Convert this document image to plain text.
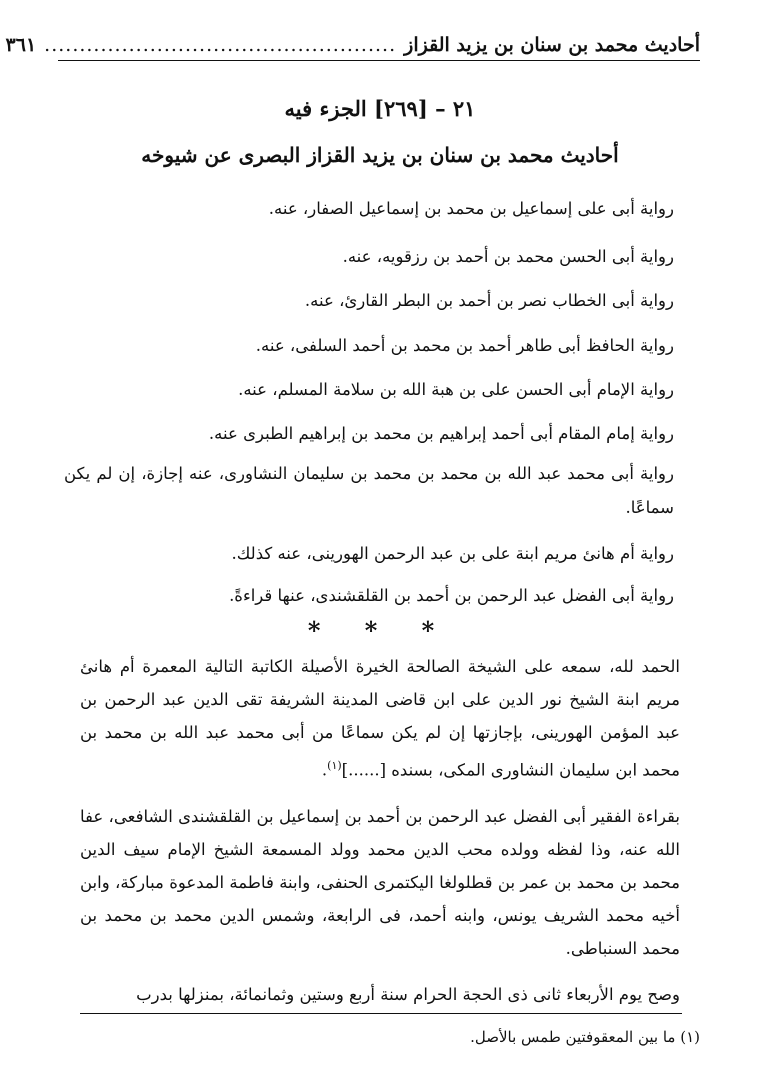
أحاديث محمد بن سنان بن يزيد القزاز
..................................................
٣٦١
٢١ – [٢٦٩] الجزء فيه
أحاديث محمد بن سنان بن يزيد القزاز البصرى عن شيوخه
رواية أبى على إسماعيل بن محمد بن إسماعيل الصفار، عنه.
رواية أبى الحسن محمد بن أحمد بن رزقويه، عنه.
رواية أبى الخطاب نصر بن أحمد بن البطر القارئ، عنه.
رواية الحافظ أبى طاهر أحمد بن محمد بن أحمد السلفى، عنه.
رواية الإمام أبى الحسن على بن هبة الله بن سلامة المسلم، عنه.
رواية إمام المقام أبى أحمد إبراهيم بن محمد بن إبراهيم الطبرى عنه.
رواية أبى محمد عبد الله بن محمد بن محمد بن سليمان النشاورى، عنه إجازة، إن لم يكن سماعًا.
رواية أم هانئ مريم ابنة على بن عبد الرحمن الهورينى، عنه كذلك.
رواية أبى الفضل عبد الرحمن بن أحمد بن القلقشندى، عنها قراءةً.
* * *
الحمد لله، سمعه على الشيخة الصالحة الخيرة الأصيلة الكاتبة التالية المعمرة أم هانئ مريم ابنة الشيخ نور الدين على ابن قاضى المدينة الشريفة تقى الدين عبد الرحمن بن عبد المؤمن الهورينى، بإجازتها إن لم يكن سماعًا من أبى محمد عبد الله بن محمد بن محمد ابن سليمان النشاورى المكى، بسنده [......]$^{(١)}$.
بقراءة الفقير أبى الفضل عبد الرحمن بن أحمد بن إسماعيل بن القلقشندى الشافعى، عفا الله عنه، وذا لفظه وولده محب الدين محمد وولد المسمعة الشيخ الإمام سيف الدين محمد بن محمد بن عمر بن قطلولغا اليكتمرى الحنفى، وابنة فاطمة المدعوة مباركة، وابن أخيه محمد الشريف يونس، وابنه أحمد، فى الرابعة، وشمس الدين محمد بن محمد بن محمد السنباطى.
وصح يوم الأربعاء ثانى ذى الحجة الحرام سنة أربع وستين وثمانمائة، بمنزلها بدرب
(١) ما بين المعقوفتين طمس بالأصل.
